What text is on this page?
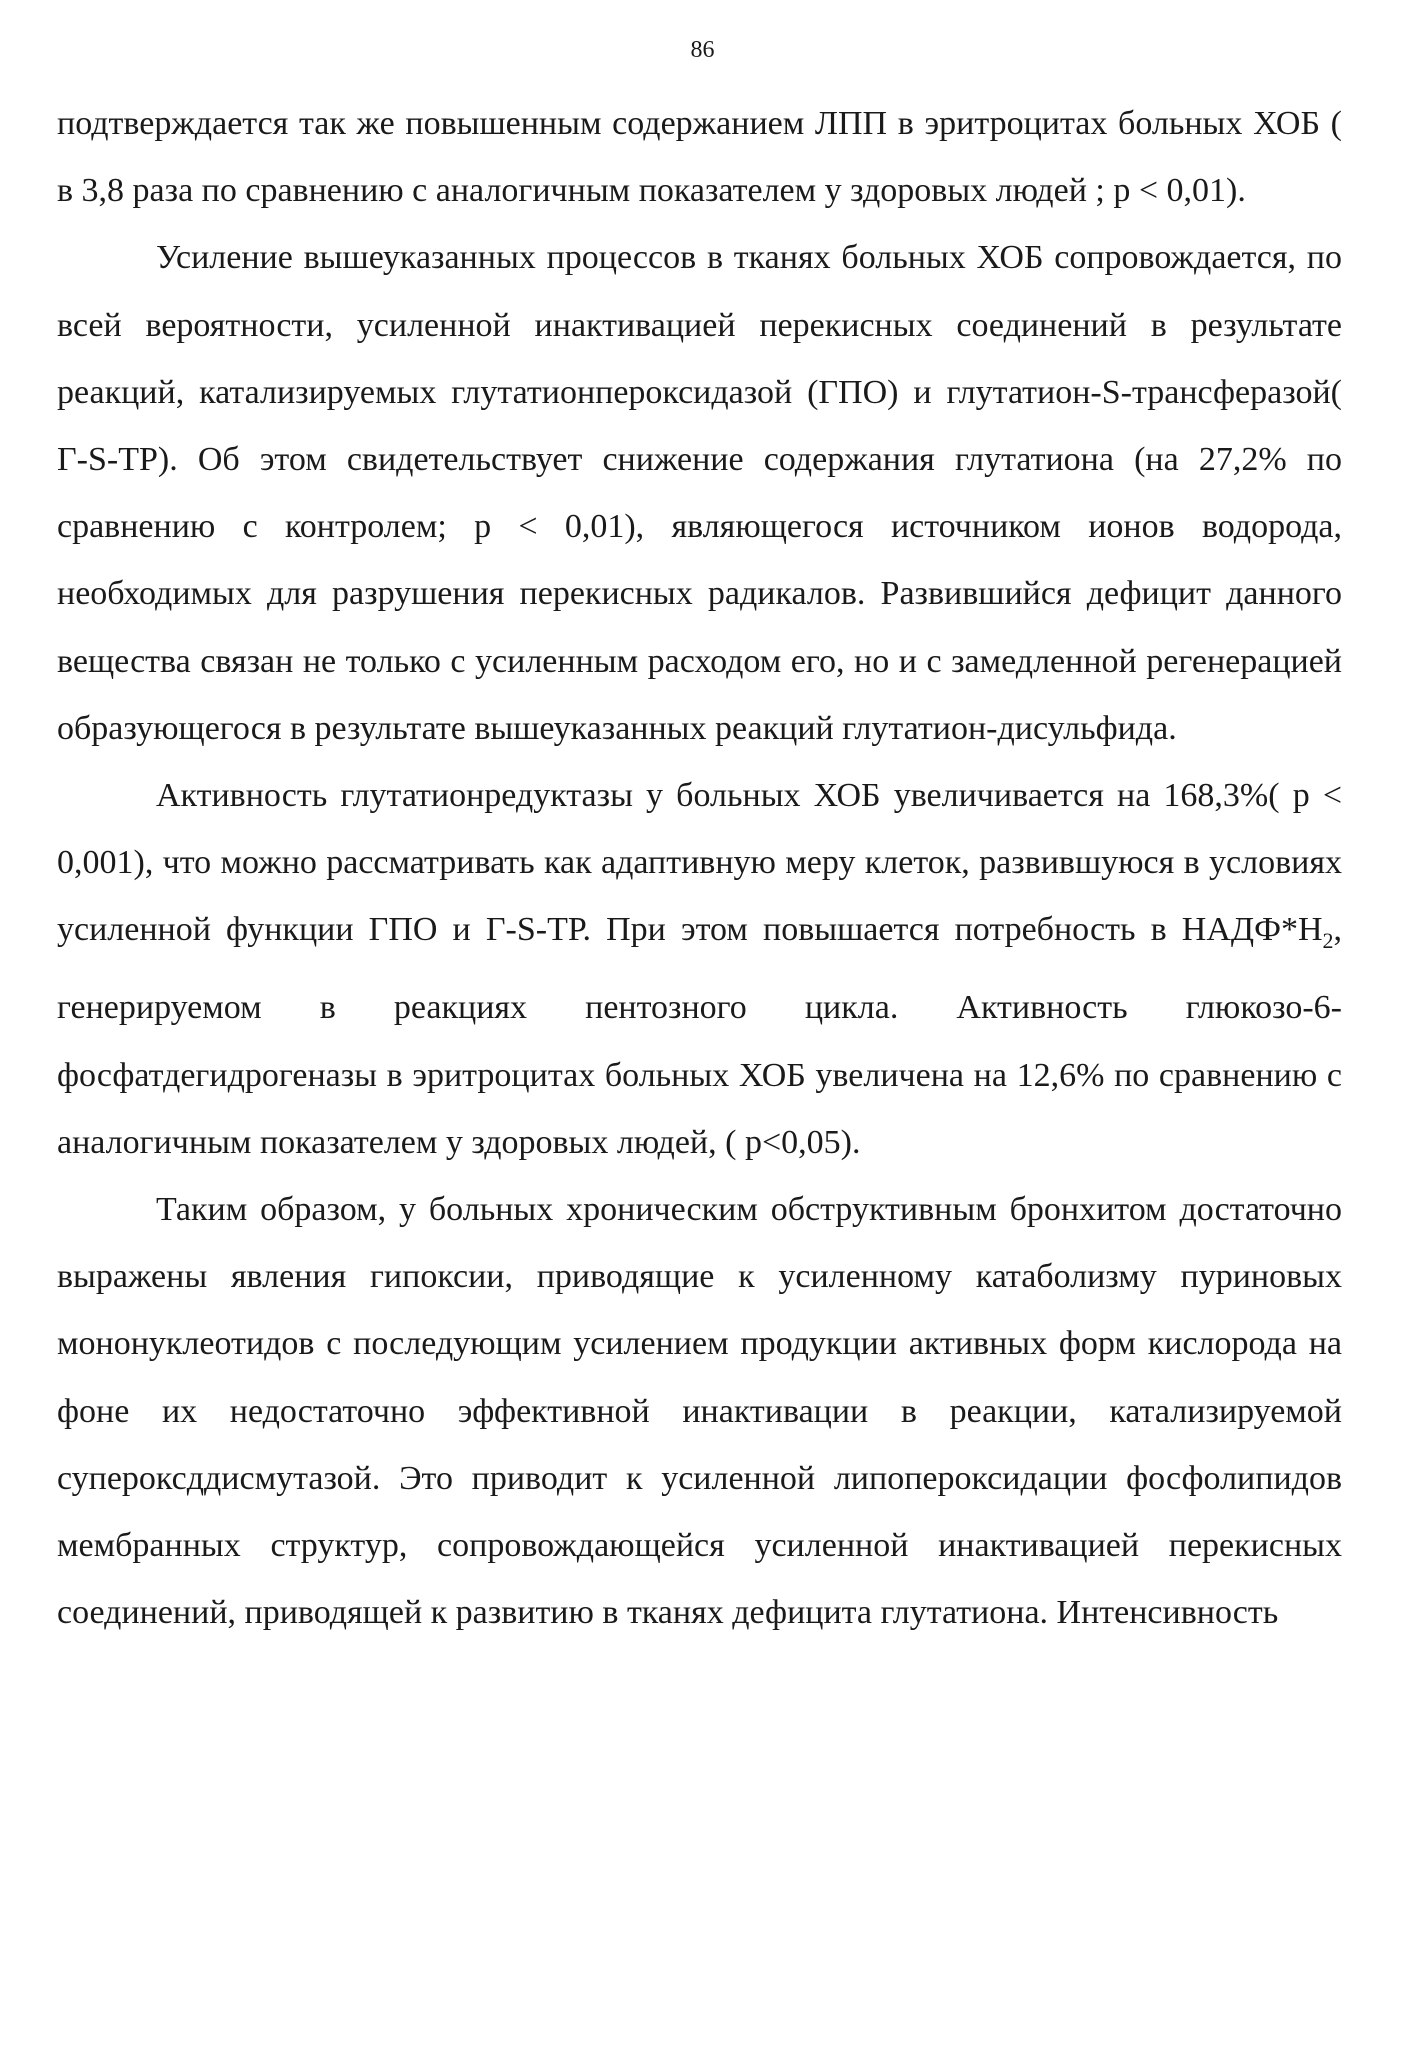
86

подтверждается так же повышенным содержанием ЛПП в эритроцитах больных ХОБ ( в 3,8 раза по сравнению с аналогичным показателем у здоровых людей ; p < 0,01).

Усиление вышеуказанных процессов в тканях больных ХОБ сопровождается, по всей вероятности, усиленной инактивацией перекисных соединений в результате реакций, катализируемых глутатионпероксидазой (ГПО) и глутатион-S-трансферазой( Г-S-ТР). Об этом свидетельствует снижение содержания глутатиона (на 27,2% по сравнению с контролем; p < 0,01), являющегося источником ионов водорода, необходимых для разрушения перекисных радикалов. Развившийся дефицит данного вещества связан не только с усиленным расходом его, но и с замедленной регенерацией образующегося в результате вышеуказанных реакций глутатион-дисульфида.

Активность глутатионредуктазы у больных ХОБ увеличивается на 168,3%( p < 0,001), что можно рассматривать как адаптивную меру клеток, развившуюся в условиях усиленной функции ГПО и Г-S-ТР. При этом повышается потребность в $НАДФ*Н_2$, генерируемом в реакциях пентозного цикла. Активность глюкозо-6-фосфатдегидрогеназы в эритроцитах больных ХОБ увеличена на 12,6% по сравнению с аналогичным показателем у здоровых людей, ( p<0,05).

Таким образом, у больных хроническим обструктивным бронхитом достаточно выражены явления гипоксии, приводящие к усиленному катаболизму пуриновых мононуклеотидов с последующим усилением продукции активных форм кислорода на фоне их недостаточно эффективной инактивации в реакции, катализируемой супероксддисмутазой. Это приводит к усиленной липопероксидации фосфолипидов мембранных структур, сопровождающейся усиленной инактивацией перекисных соединений, приводящей к развитию в тканях дефицита глутатиона. Интенсивность
